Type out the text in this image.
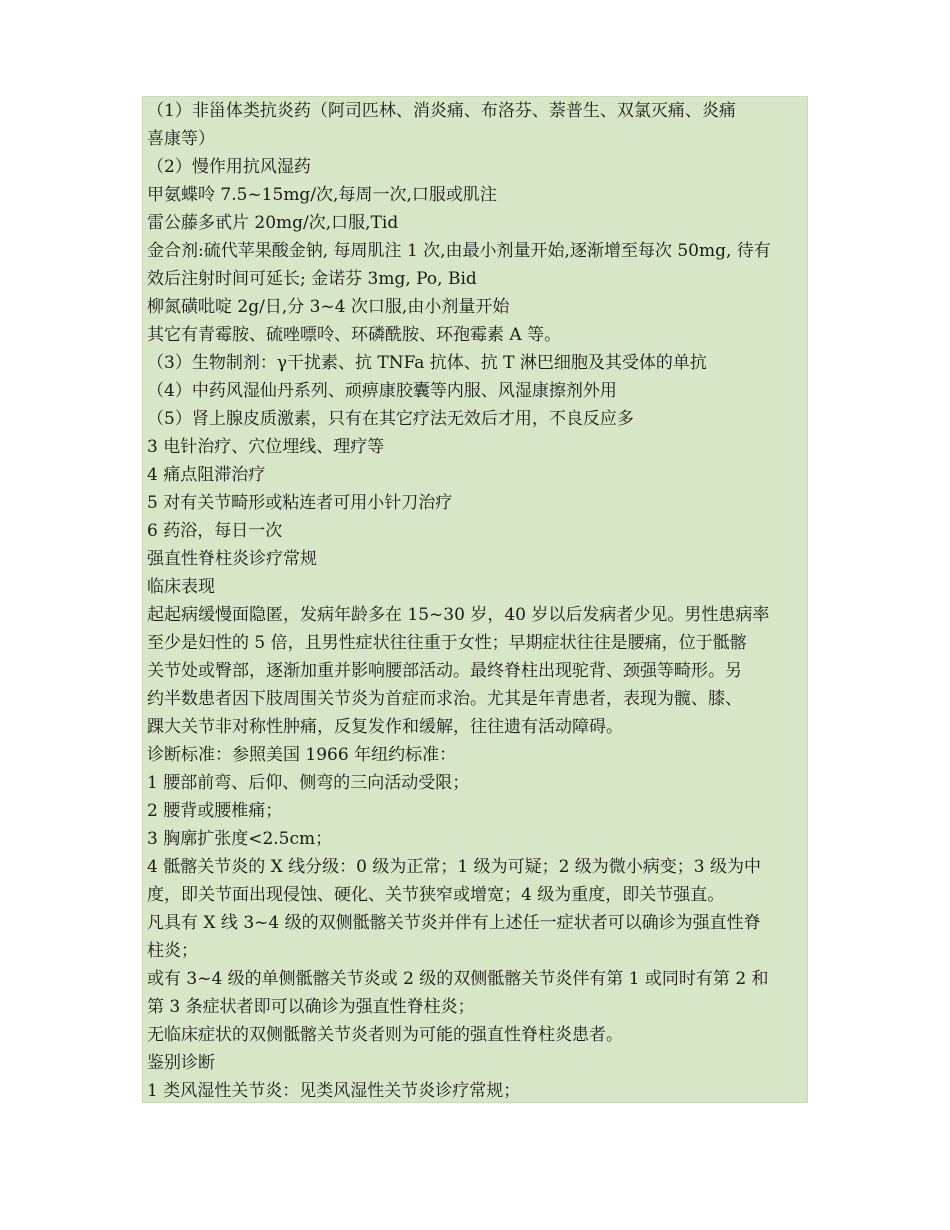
（1）非甾体类抗炎药（阿司匹林、消炎痛、布洛芬、萘普生、双氯灭痛、炎痛
喜康等）
（2）慢作用抗风湿药
甲氨蝶呤 7.5~15mg/次,每周一次,口服或肌注
雷公藤多甙片 20mg/次,口服,Tid
金合剂:硫代苹果酸金钠, 每周肌注 1 次,由最小剂量开始,逐渐增至每次 50mg, 待有
效后注射时间可延长; 金诺芬 3mg, Po, Bid
柳氮磺吡啶 2g/日,分 3~4 次口服,由小剂量开始
其它有青霉胺、硫唑嘌呤、环磷酰胺、环孢霉素 A 等。
（3）生物制剂：γ干扰素、抗 TNFa 抗体、抗 T 淋巴细胞及其受体的单抗
（4）中药风湿仙丹系列、顽痹康胶囊等内服、风湿康擦剂外用
（5）肾上腺皮质激素，只有在其它疗法无效后才用，不良反应多
3 电针治疗、穴位埋线、理疗等
4 痛点阻滞治疗
5 对有关节畸形或粘连者可用小针刀治疗
6 药浴，每日一次
强直性脊柱炎诊疗常规
临床表现
起起病缓慢面隐匿，发病年龄多在 15~30 岁，40 岁以后发病者少见。男性患病率
至少是妇性的 5 倍，且男性症状往往重于女性；早期症状往往是腰痛，位于骶髂
关节处或臀部，逐渐加重并影响腰部活动。最终脊柱出现驼背、颈强等畸形。另
约半数患者因下肢周围关节炎为首症而求治。尤其是年青患者，表现为髋、膝、
踝大关节非对称性肿痛，反复发作和缓解，往往遗有活动障碍。
诊断标准：参照美国 1966 年纽约标准：
1 腰部前弯、后仰、侧弯的三向活动受限；
2 腰背或腰椎痛；
3 胸廓扩张度<2.5cm；
4 骶髂关节炎的 X 线分级：0 级为正常；1 级为可疑；2 级为微小病变；3 级为中
度，即关节面出现侵蚀、硬化、关节狭窄或增宽；4 级为重度，即关节强直。
凡具有 X 线 3~4 级的双侧骶髂关节炎并伴有上述任一症状者可以确诊为强直性脊
柱炎；
或有 3~4 级的单侧骶髂关节炎或 2 级的双侧骶髂关节炎伴有第 1 或同时有第 2 和
第 3 条症状者即可以确诊为强直性脊柱炎；
无临床症状的双侧骶髂关节炎者则为可能的强直性脊柱炎患者。
鉴别诊断
1 类风湿性关节炎：见类风湿性关节炎诊疗常规；
